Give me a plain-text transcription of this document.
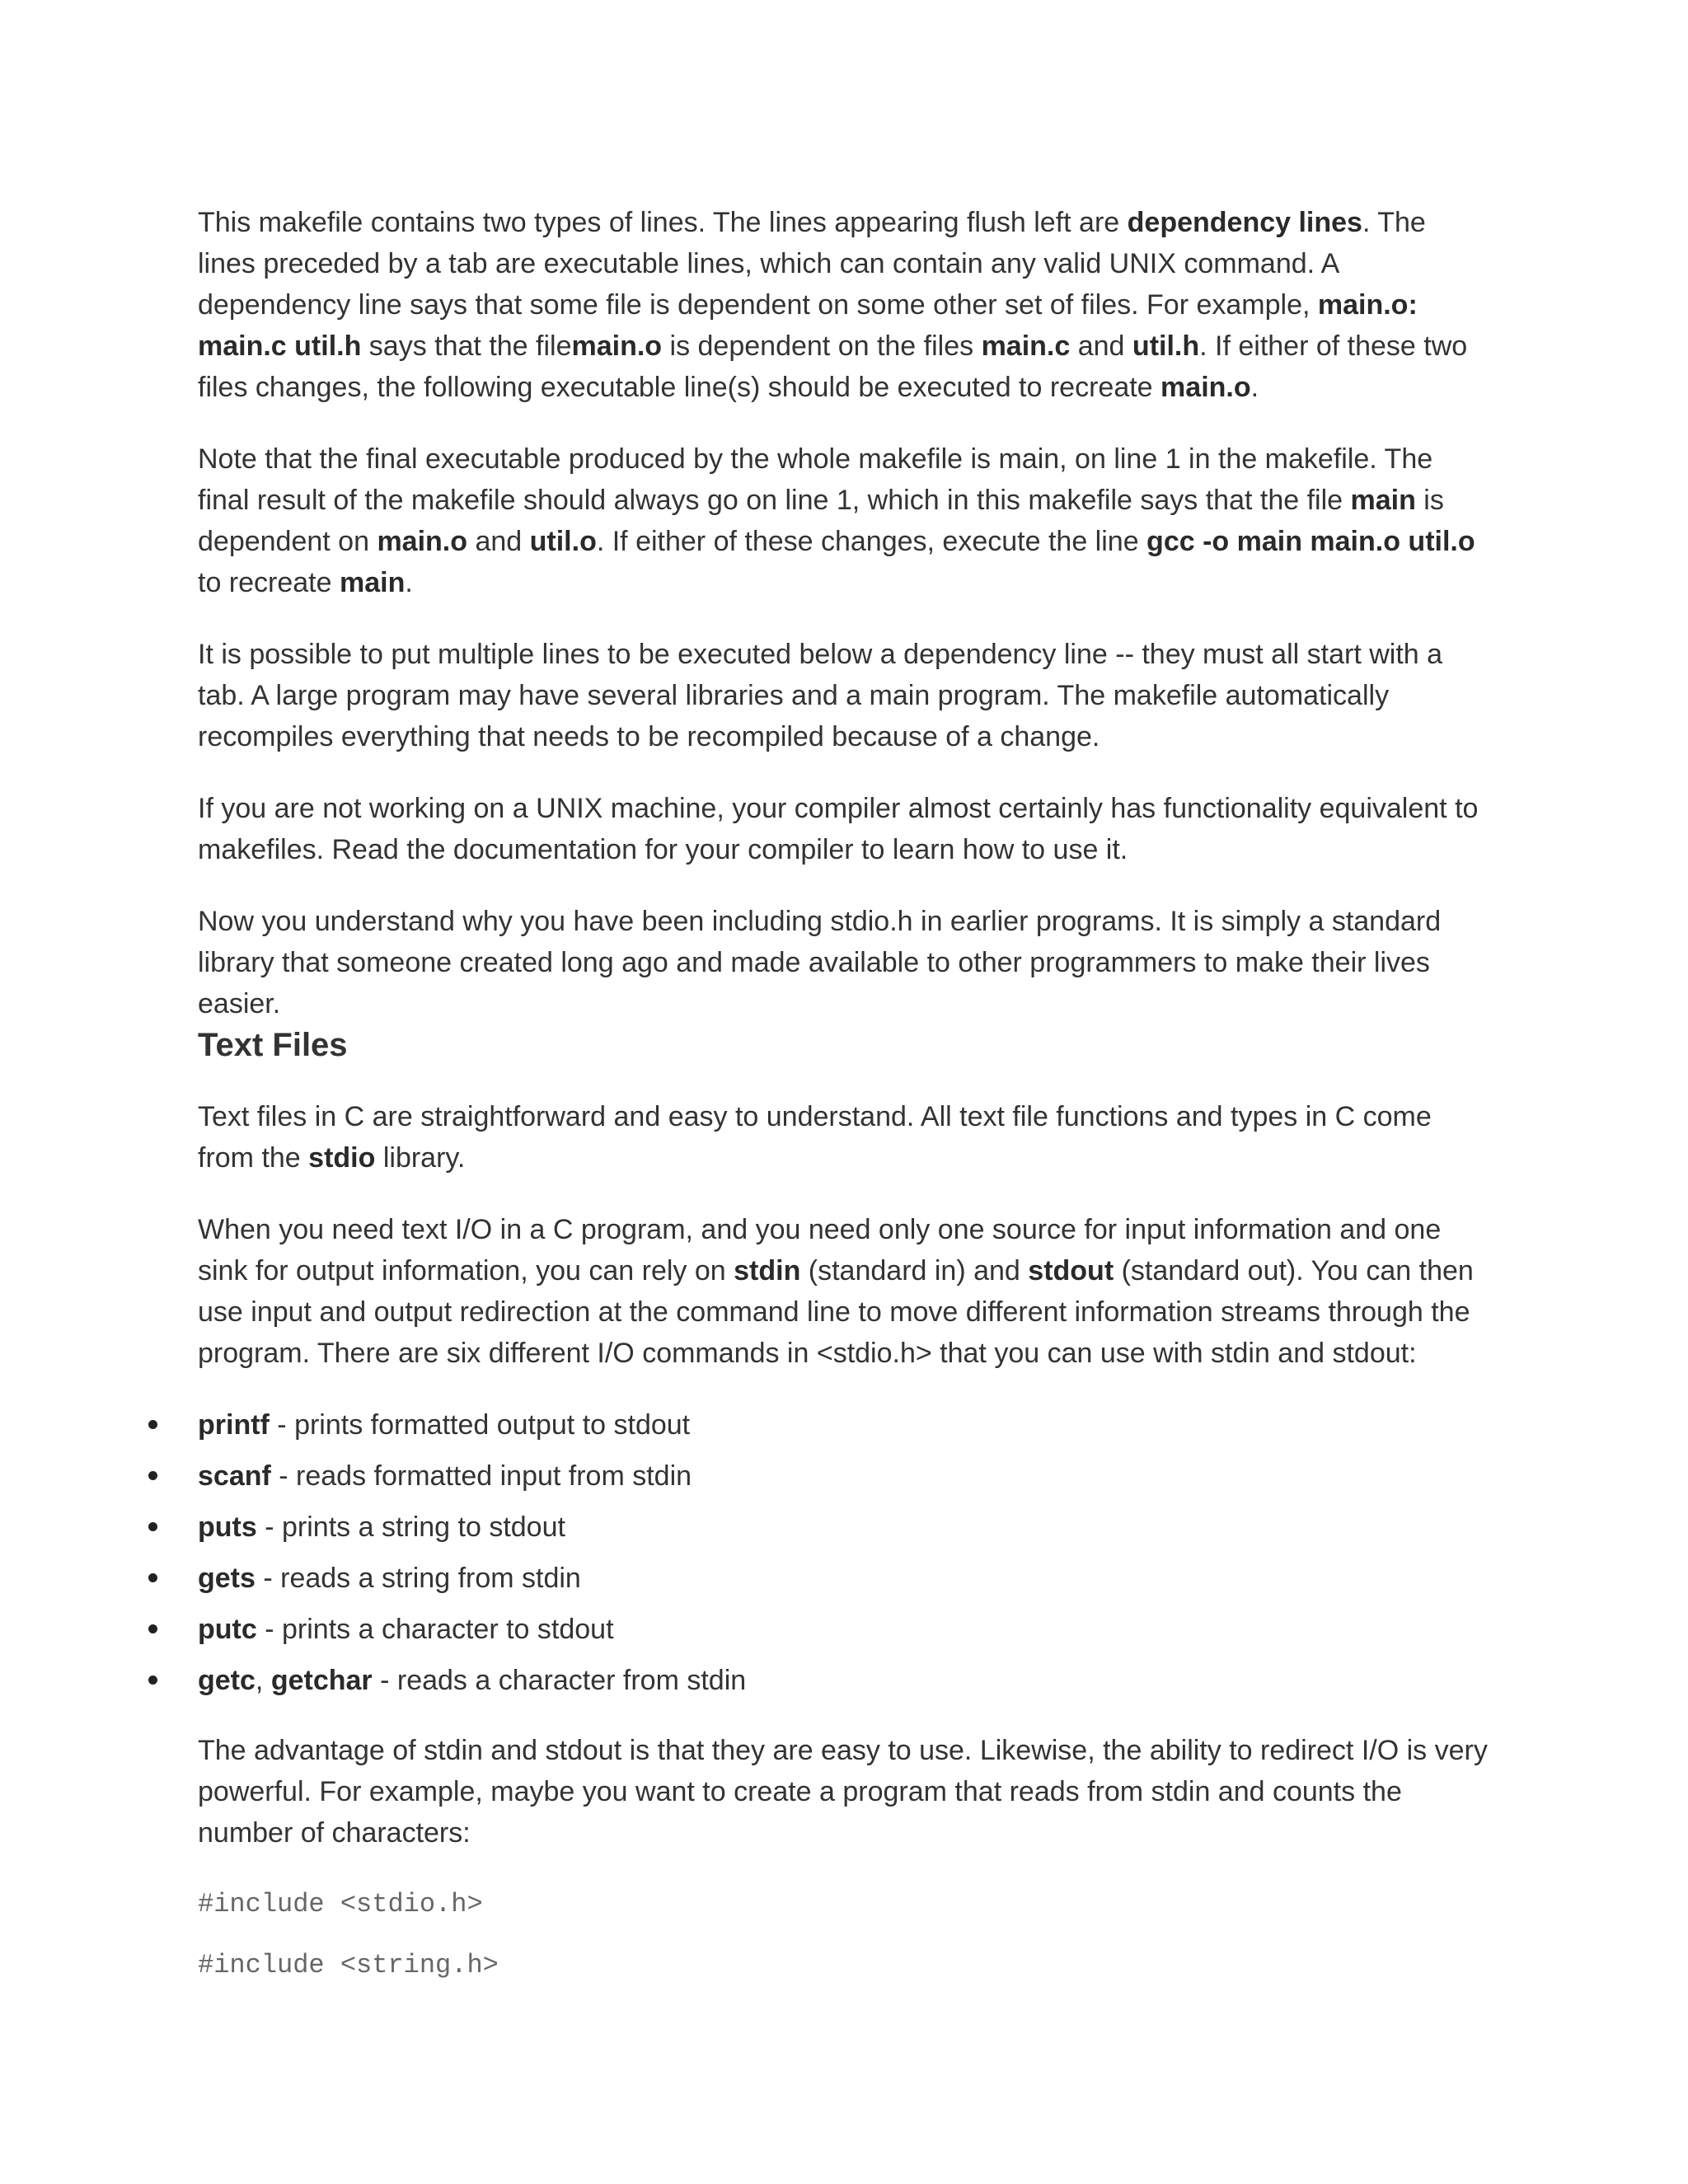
This makefile contains two types of lines. The lines appearing flush left are dependency lines. The lines preceded by a tab are executable lines, which can contain any valid UNIX command. A dependency line says that some file is dependent on some other set of files. For example, main.o: main.c util.h says that the filemain.o is dependent on the files main.c and util.h. If either of these two files changes, the following executable line(s) should be executed to recreate main.o.

Note that the final executable produced by the whole makefile is main, on line 1 in the makefile. The final result of the makefile should always go on line 1, which in this makefile says that the file main is dependent on main.o and util.o. If either of these changes, execute the line gcc -o main main.o util.o to recreate main.

It is possible to put multiple lines to be executed below a dependency line -- they must all start with a tab. A large program may have several libraries and a main program. The makefile automatically recompiles everything that needs to be recompiled because of a change.

If you are not working on a UNIX machine, your compiler almost certainly has functionality equivalent to makefiles. Read the documentation for your compiler to learn how to use it.

Now you understand why you have been including stdio.h in earlier programs. It is simply a standard library that someone created long ago and made available to other programmers to make their lives easier.

Text Files

Text files in C are straightforward and easy to understand. All text file functions and types in C come from the stdio library.

When you need text I/O in a C program, and you need only one source for input information and one sink for output information, you can rely on stdin (standard in) and stdout (standard out). You can then use input and output redirection at the command line to move different information streams through the program. There are six different I/O commands in <stdio.h> that you can use with stdin and stdout:

printf - prints formatted output to stdout
scanf - reads formatted input from stdin
puts - prints a string to stdout
gets - reads a string from stdin
putc - prints a character to stdout
getc, getchar - reads a character from stdin

The advantage of stdin and stdout is that they are easy to use. Likewise, the ability to redirect I/O is very powerful. For example, maybe you want to create a program that reads from stdin and counts the number of characters:

#include <stdio.h>
#include <string.h>
